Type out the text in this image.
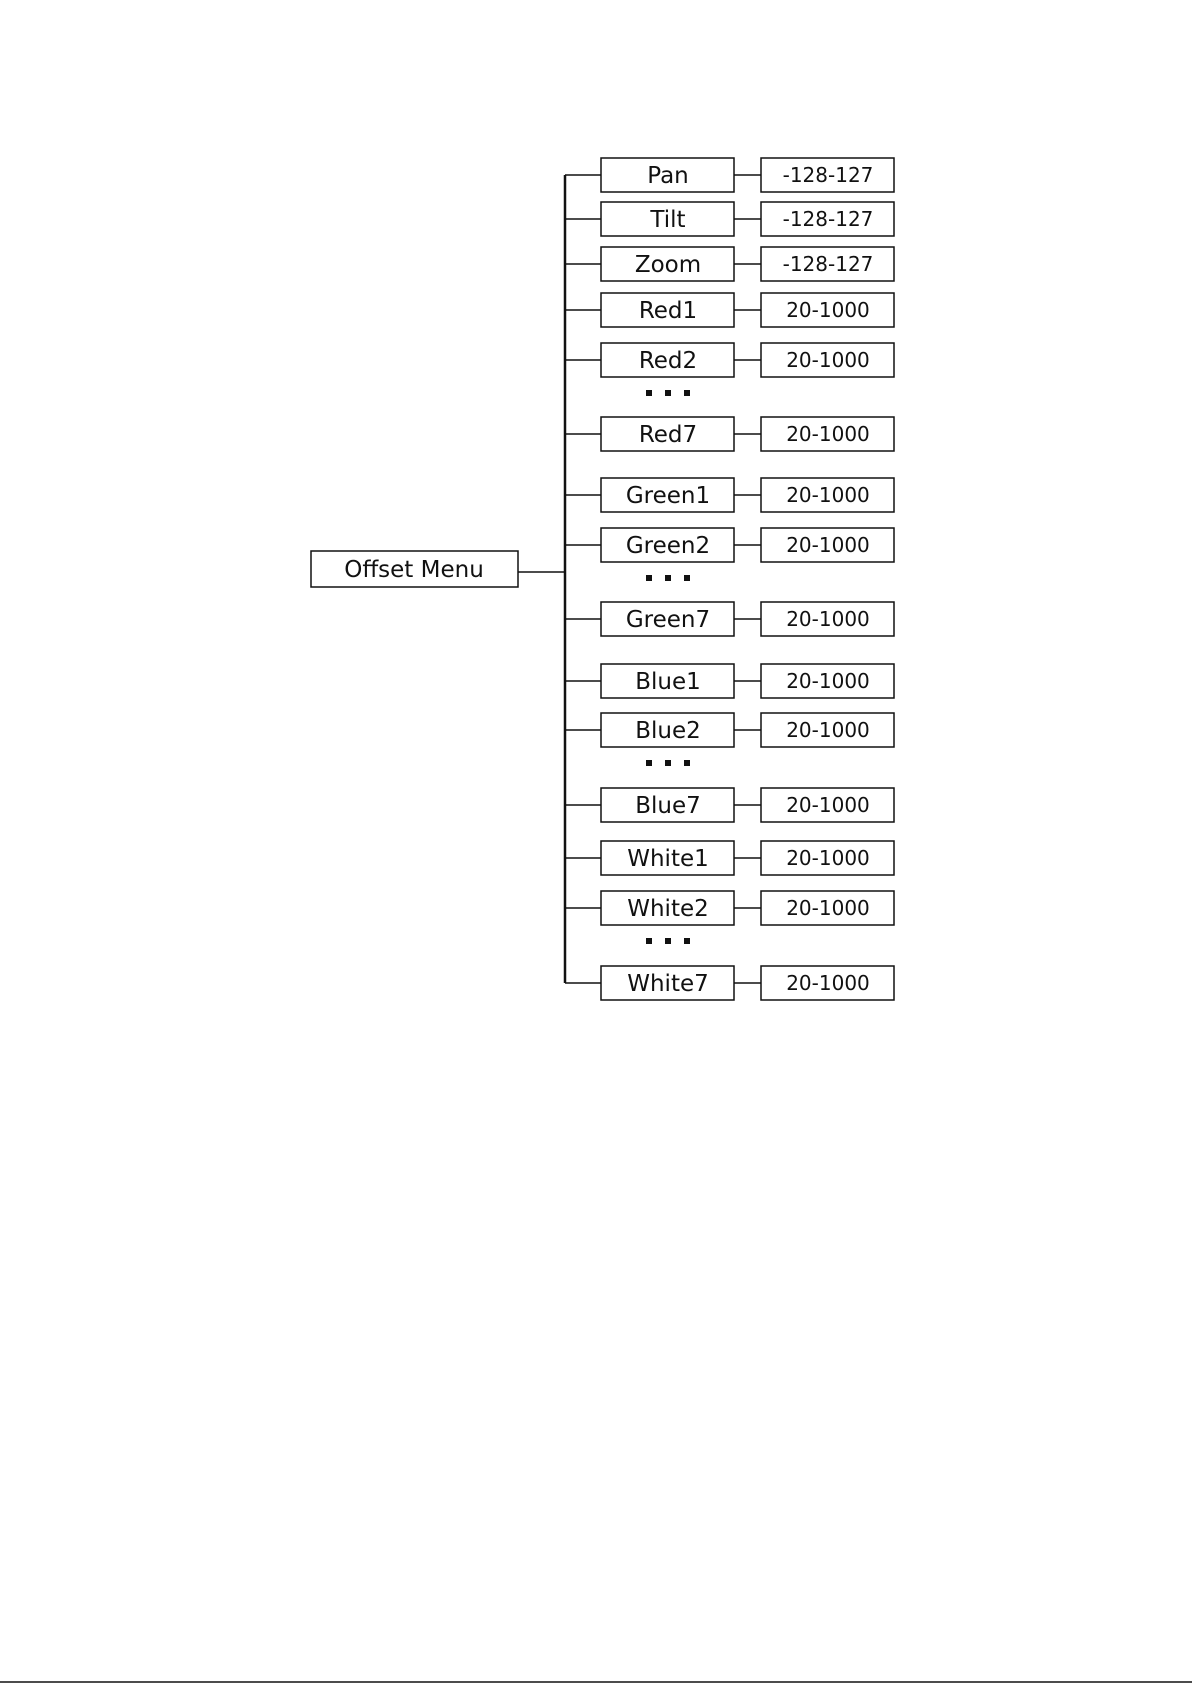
Offset Menu
Pan	-128-127
Tilt	-128-127
Zoom	-128-127
Red1	20-1000
Red2	20-1000
Red7	20-1000
Green1	20-1000
Green2	20-1000
Green7	20-1000
Blue1	20-1000
Blue2	20-1000
Blue7	20-1000
White1	20-1000
White2	20-1000
White7	20-1000
